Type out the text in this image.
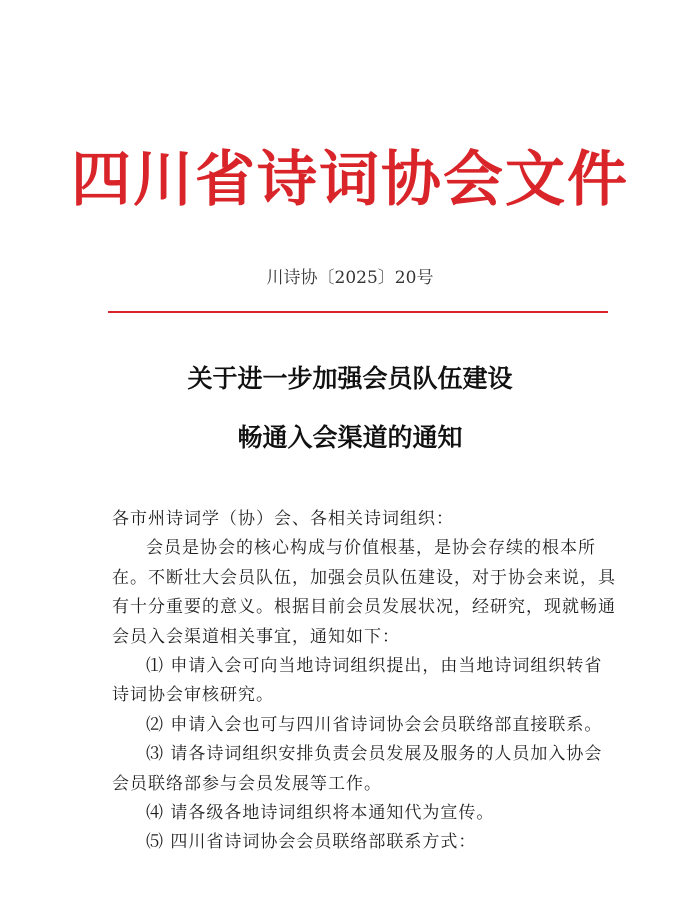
四川省诗词协会文件
川诗协〔2025〕20号
关于进一步加强会员队伍建设
畅通入会渠道的通知

各市州诗词学（协）会、各相关诗词组织：

会员是协会的核心构成与价值根基，是协会存续的根本所在。不断壮大会员队伍，加强会员队伍建设，对于协会来说，具有十分重要的意义。根据目前会员发展状况，经研究，现就畅通会员入会渠道相关事宜，通知如下：

⑴ 申请入会可向当地诗词组织提出，由当地诗词组织转省诗词协会审核研究。

⑵ 申请入会也可与四川省诗词协会会员联络部直接联系。

⑶ 请各诗词组织安排负责会员发展及服务的人员加入协会会员联络部参与会员发展等工作。

⑷ 请各级各地诗词组织将本通知代为宣传。

⑸ 四川省诗词协会会员联络部联系方式：
